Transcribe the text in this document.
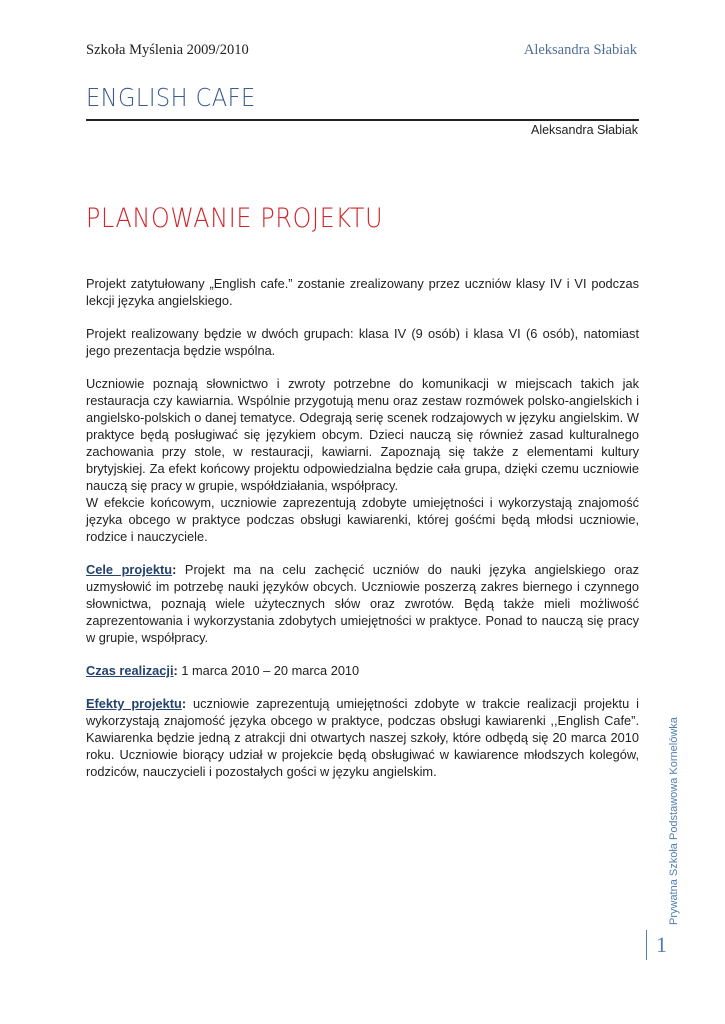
Szkoła Myślenia 2009/2010	Aleksandra Słabiak
ENGLISH CAFE
Aleksandra Słabiak
PLANOWANIE PROJEKTU

Projekt zatytułowany „English cafe.” zostanie zrealizowany przez uczniów klasy IV i VI podczas lekcji języka angielskiego.

Projekt realizowany będzie w dwóch grupach: klasa IV (9 osób) i klasa VI (6 osób), natomiast jego prezentacja będzie wspólna.

Uczniowie poznają słownictwo i zwroty potrzebne do komunikacji w miejscach takich jak restauracja czy kawiarnia. Wspólnie przygotują menu oraz zestaw rozmówek polsko-angielskich i angielsko-polskich o danej tematyce. Odegrają serię scenek rodzajowych w języku angielskim. W praktyce będą posługiwać się językiem obcym. Dzieci nauczą się również zasad kulturalnego zachowania przy stole, w restauracji, kawiarni. Zapoznają się także z elementami kultury brytyjskiej. Za efekt końcowy projektu odpowiedzialna będzie cała grupa, dzięki czemu uczniowie nauczą się pracy w grupie, współdziałania, współpracy.

W efekcie końcowym, uczniowie zaprezentują zdobyte umiejętności i wykorzystają znajomość języka obcego w praktyce podczas obsługi kawiarenki, której gośćmi będą młodsi uczniowie, rodzice i nauczyciele.

Cele projektu: Projekt ma na celu zachęcić uczniów do nauki języka angielskiego oraz uzmysłowić im potrzebę nauki języków obcych. Uczniowie poszerzą zakres biernego i czynnego słownictwa, poznają wiele użytecznych słów oraz zwrotów. Będą także mieli możliwość zaprezentowania i wykorzystania zdobytych umiejętności w praktyce. Ponad to nauczą się pracy w grupie, współpracy.

Czas realizacji: 1 marca 2010 – 20 marca 2010

Efekty projektu: uczniowie zaprezentują umiejętności zdobyte w trakcie realizacji projektu i wykorzystają znajomość języka obcego w praktyce, podczas obsługi kawiarenki ,,English Cafe”. Kawiarenka będzie jedną z atrakcji dni otwartych naszej szkoły, które odbędą się 20 marca 2010 roku. Uczniowie biorący udział w projekcie będą obsługiwać w kawiarence młodszych kolegów, rodziców, nauczycieli i pozostałych gości w języku angielskim.	Prywatna Szkoła Podstawowa Kornelówka
1
